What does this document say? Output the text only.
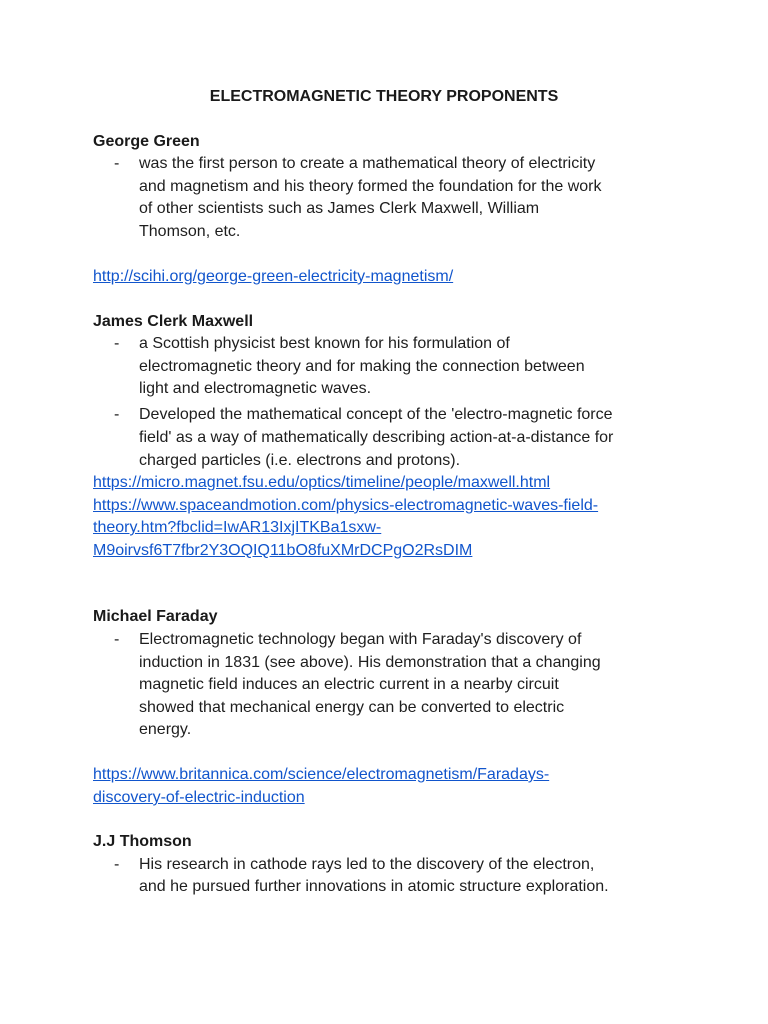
ELECTROMAGNETIC THEORY PROPONENTS
George Green
- was the first person to create a mathematical theory of electricity
and magnetism and his theory formed the foundation for the work
of other scientists such as James Clerk Maxwell, William
Thomson, etc.
http://scihi.org/george-green-electricity-magnetism/
James Clerk Maxwell
- a Scottish physicist best known for his formulation of
electromagnetic theory and for making the connection between
light and electromagnetic waves.
- Developed the mathematical concept of the 'electro-magnetic force
field' as a way of mathematically describing action-at-a-distance for
charged particles (i.e. electrons and protons).
https://micro.magnet.fsu.edu/optics/timeline/people/maxwell.html
https://www.spaceandmotion.com/physics-electromagnetic-waves-field-
theory.htm?fbclid=IwAR13IxjITKBa1sxw-
M9oirvsf6T7fbr2Y3OQIQ11bO8fuXMrDCPgO2RsDIM
Michael Faraday
- Electromagnetic technology began with Faraday's discovery of
induction in 1831 (see above). His demonstration that a changing
magnetic field induces an electric current in a nearby circuit
showed that mechanical energy can be converted to electric
energy.
https://www.britannica.com/science/electromagnetism/Faradays-
discovery-of-electric-induction
J.J Thomson
- His research in cathode rays led to the discovery of the electron,
and he pursued further innovations in atomic structure exploration.
